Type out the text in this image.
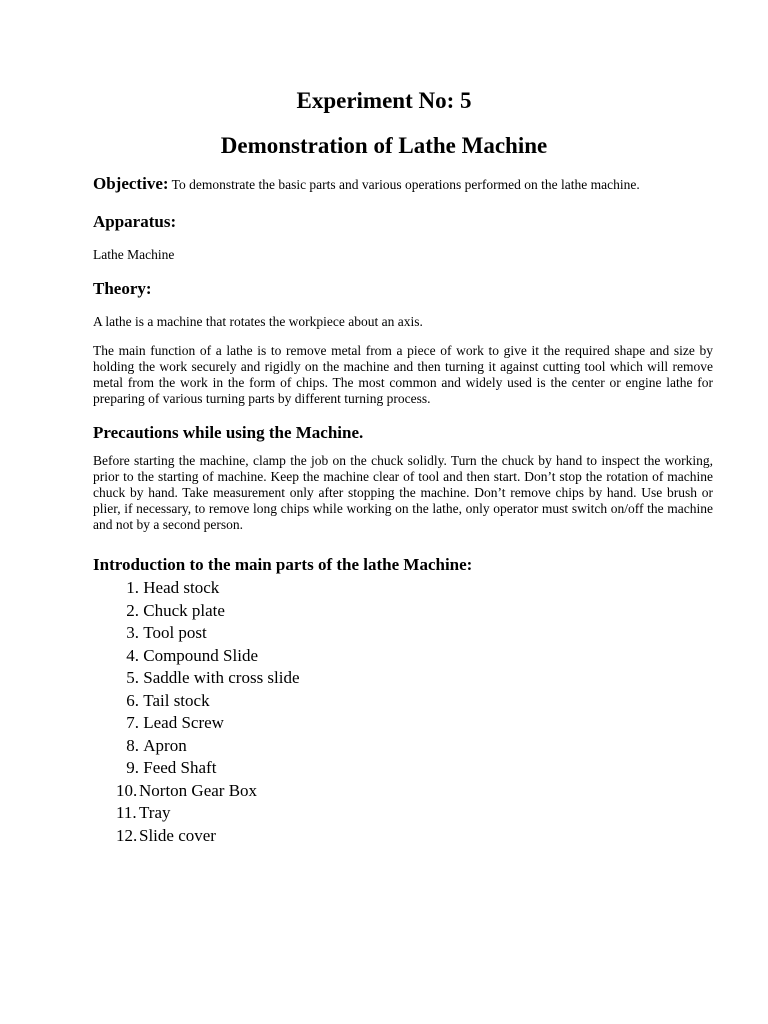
Experiment No: 5
Demonstration of Lathe Machine

Objective: To demonstrate the basic parts and various operations performed on the lathe machine.

Apparatus:

Lathe Machine

Theory:

A lathe is a machine that rotates the workpiece about an axis.

The main function of a lathe is to remove metal from a piece of work to give it the required shape and size by holding the work securely and rigidly on the machine and then turning it against cutting tool which will remove metal from the work in the form of chips. The most common and widely used is the center or engine lathe for preparing of various turning parts by different turning process.

Precautions while using the Machine.

Before starting the machine, clamp the job on the chuck solidly. Turn the chuck by hand to inspect the working, prior to the starting of machine. Keep the machine clear of tool and then start. Don’t stop the rotation of machine chuck by hand. Take measurement only after stopping the machine. Don’t remove chips by hand. Use brush or plier, if necessary, to remove long chips while working on the lathe, only operator must switch on/off the machine and not by a second person.

Introduction to the main parts of the lathe Machine:
1. Head stock
2. Chuck plate
3. Tool post
4. Compound Slide
5. Saddle with cross slide
6. Tail stock
7. Lead Screw
8. Apron
9. Feed Shaft
10. Norton Gear Box
11. Tray
12. Slide cover
